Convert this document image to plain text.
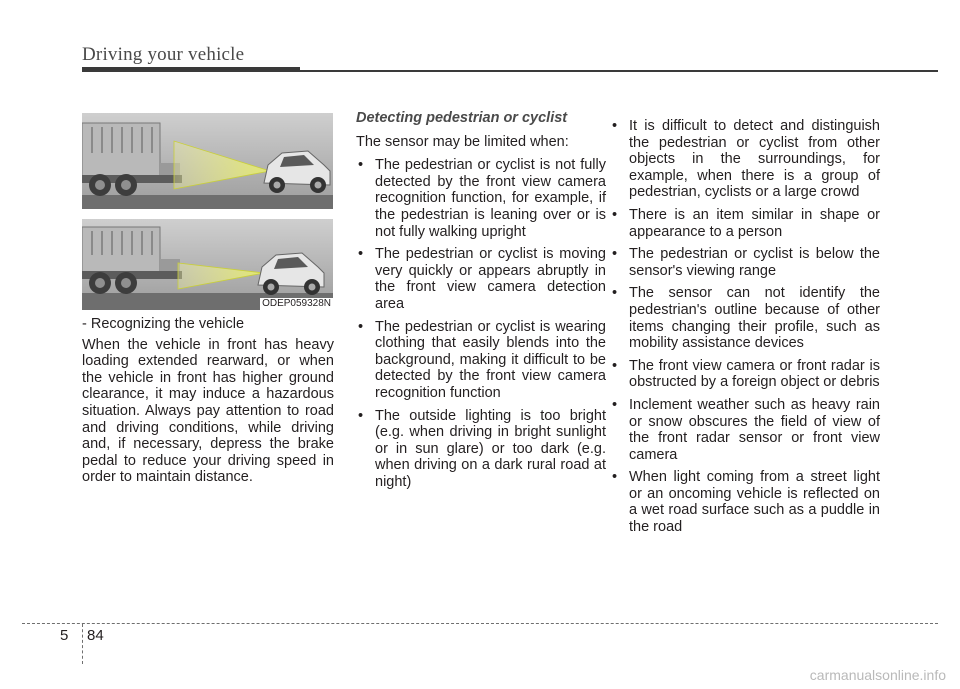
Driving your vehicle
ODEP059328N

- Recognizing the vehicle

When the vehicle in front has heavy loading extended rearward, or when the vehicle in front has higher ground clearance, it may induce a hazardous situation. Always pay attention to road and driving conditions, while driving and, if necessary, depress the brake pedal to reduce your driving speed in order to maintain distance.

Detecting pedestrian or cyclist

The sensor may be limited when:

• The pedestrian or cyclist is not fully detected by the front view camera recognition function, for example, if the pedestrian is leaning over or is not fully walking upright
• The pedestrian or cyclist is moving very quickly or appears abruptly in the front view camera detection area
• The pedestrian or cyclist is wearing clothing that easily blends into the background, making it difficult to be detected by the front view camera recognition function
• The outside lighting is too bright (e.g. when driving in bright sunlight or in sun glare) or too dark (e.g. when driving on a dark rural road at night)
• It is difficult to detect and distinguish the pedestrian or cyclist from other objects in the surroundings, for example, when there is a group of pedestrian, cyclists or a large crowd
• There is an item similar in shape or appearance to a person
• The pedestrian or cyclist is below the sensor's viewing range
• The sensor can not identify the pedestrian's outline because of other items changing their profile, such as mobility assistance devices
• The front view camera or front radar is obstructed by a foreign object or debris
• Inclement weather such as heavy rain or snow obscures the field of view of the front radar sensor or front view camera
• When light coming from a street light or an oncoming vehicle is reflected on a wet road surface such as a puddle in the road
5 84
carmanualsonline.info
